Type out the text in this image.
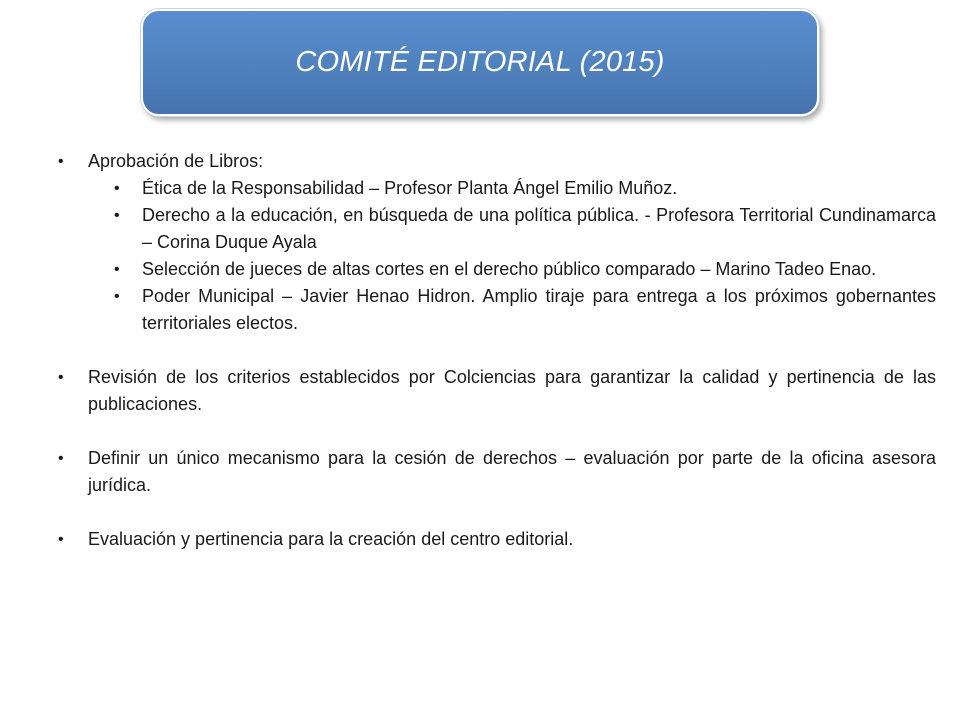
COMITÉ EDITORIAL (2015)
• Aprobación de Libros:
• Ética de la Responsabilidad – Profesor Planta Ángel Emilio Muñoz.
• Derecho a la educación, en búsqueda de una política pública. - Profesora Territorial Cundinamarca – Corina Duque Ayala
• Selección de jueces de altas cortes en el derecho público comparado – Marino Tadeo Enao.
• Poder Municipal – Javier Henao Hidron. Amplio tiraje para entrega a los próximos gobernantes territoriales electos.
• Revisión de los criterios establecidos por Colciencias para garantizar la calidad y pertinencia de las publicaciones.
• Definir un único mecanismo para la cesión de derechos – evaluación por parte de la oficina asesora jurídica.
• Evaluación y pertinencia para la creación del centro editorial.
